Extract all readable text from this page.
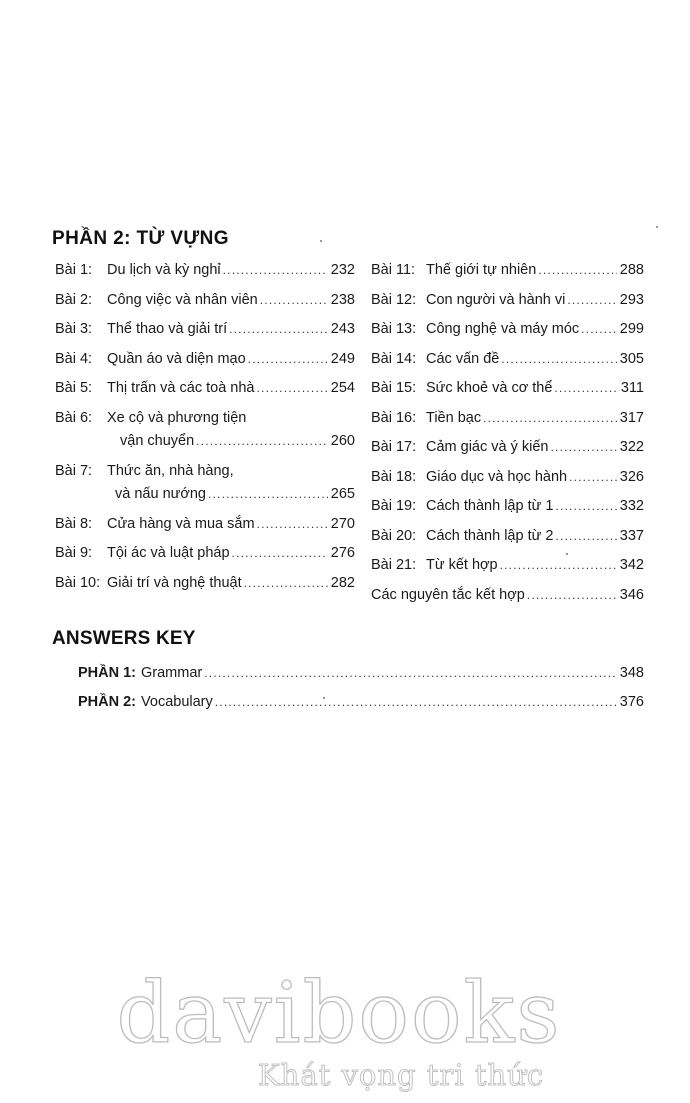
PHẦN 2: TỪ VỰNG
Bài 1:	Du lịch và kỳ nghỉ .....	232
Bài 2:	Công việc và nhân viên .....	238
Bài 3:	Thể thao và giải trí .....	243
Bài 4:	Quần áo và diện mạo .....	249
Bài 5:	Thị trấn và các toà nhà .....	254
Bài 6:	Xe cộ và phương tiện
vận chuyển .....	260
Bài 7:	Thức ăn, nhà hàng,
và nấu nướng .....	265
Bài 8:	Cửa hàng và mua sắm .....	270
Bài 9:	Tội ác và luật pháp .....	276
Bài 10: Giải trí và nghệ thuật .....	282
Bài 11: Thế giới tự nhiên .....	288
Bài 12: Con người và hành vi .....	293
Bài 13: Công nghệ và máy móc .....	299
Bài 14: Các vấn đề .....	305
Bài 15: Sức khoẻ và cơ thể .....	311
Bài 16: Tiền bạc .....	317
Bài 17: Cảm giác và ý kiến .....	322
Bài 18: Giáo dục và học hành .....	326
Bài 19: Cách thành lập từ 1 .....	332
Bài 20: Cách thành lập từ 2 .....	337
Bài 21: Từ kết hợp .....	342
Các nguyên tắc kết hợp .....	346
ANSWERS KEY
PHẦN 1: Grammar .....	348
PHẦN 2: Vocabulary .....	376
davibooks
Khát vọng tri thức
